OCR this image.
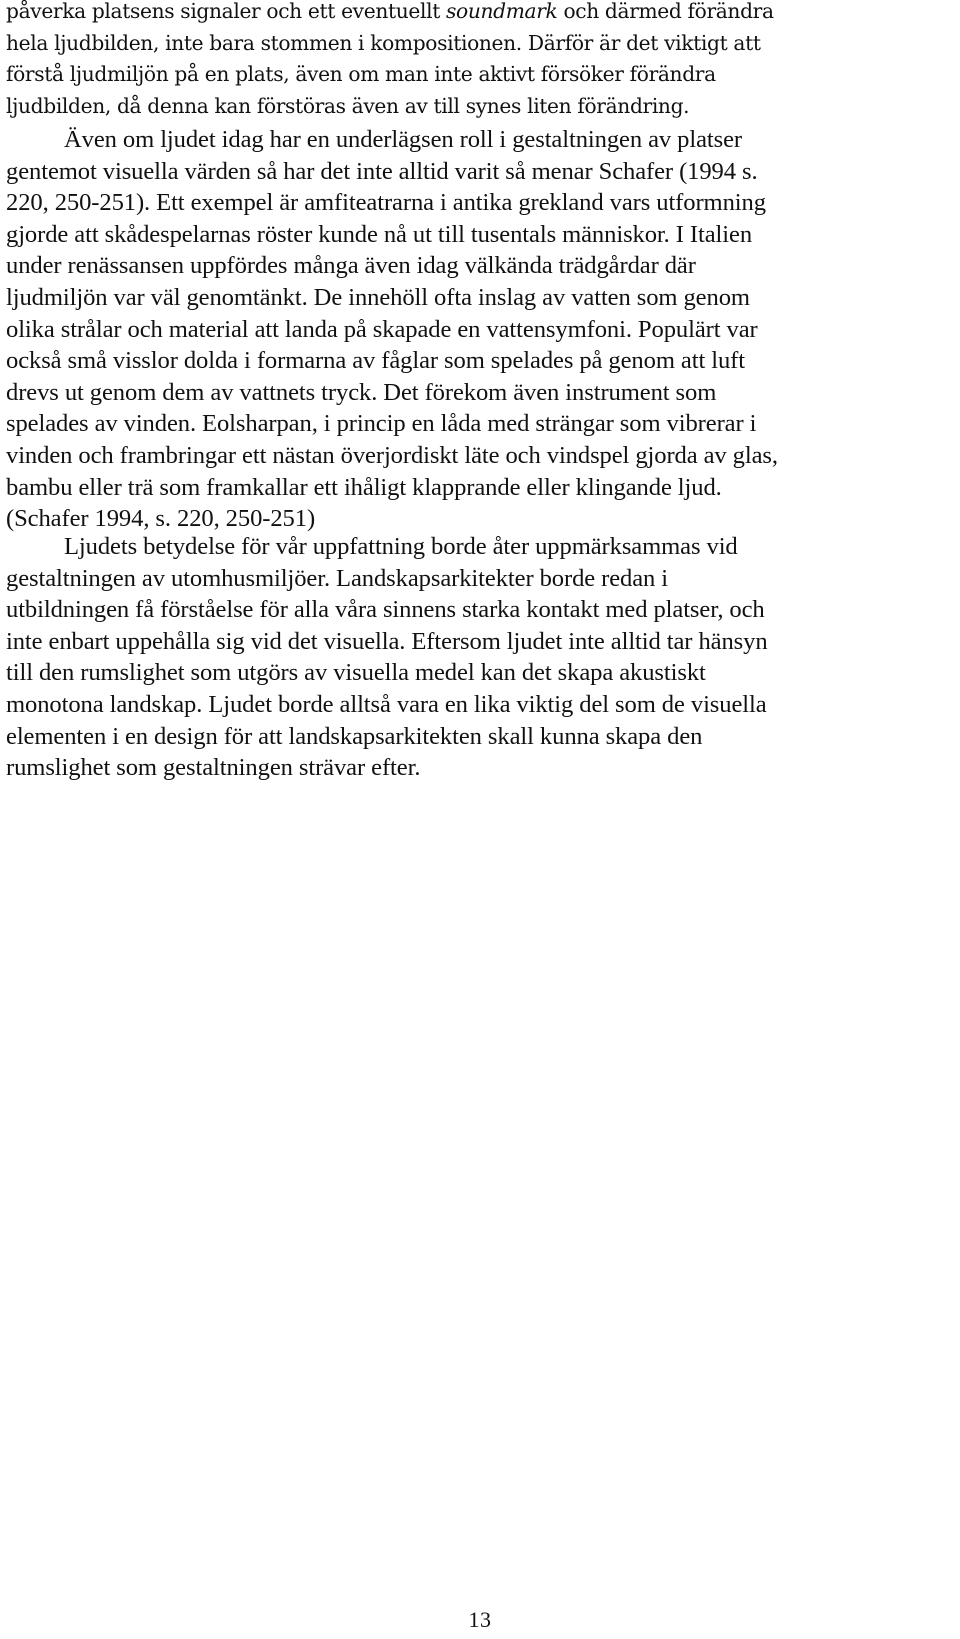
påverka platsens signaler och ett eventuellt soundmark och därmed förändra
hela ljudbilden, inte bara stommen i kompositionen. Därför är det viktigt att
förstå ljudmiljön på en plats, även om man inte aktivt försöker förändra
ljudbilden, då denna kan förstöras även av till synes liten förändring.
Även om ljudet idag har en underlägsen roll i gestaltningen av platser
gentemot visuella värden så har det inte alltid varit så menar Schafer (1994 s.
220, 250-251). Ett exempel är amfiteatrarna i antika grekland vars utformning
gjorde att skådespelarnas röster kunde nå ut till tusentals människor. I Italien
under renässansen uppfördes många även idag välkända trädgårdar där
ljudmiljön var väl genomtänkt. De innehöll ofta inslag av vatten som genom
olika strålar och material att landa på skapade en vattensymfoni. Populärt var
också små visslor dolda i formarna av fåglar som spelades på genom att luft
drevs ut genom dem av vattnets tryck. Det förekom även instrument som
spelades av vinden. Eolsharpan, i princip en låda med strängar som vibrerar i
vinden och frambringar ett nästan överjordiskt läte och vindspel gjorda av glas,
bambu eller trä som framkallar ett ihåligt klapprande eller klingande ljud.
(Schafer 1994, s. 220, 250-251)
Ljudets betydelse för vår uppfattning borde åter uppmärksammas vid
gestaltningen av utomhusmiljöer. Landskapsarkitekter borde redan i
utbildningen få förståelse för alla våra sinnens starka kontakt med platser, och
inte enbart uppehålla sig vid det visuella. Eftersom ljudet inte alltid tar hänsyn
till den rumslighet som utgörs av visuella medel kan det skapa akustiskt
monotona landskap. Ljudet borde alltså vara en lika viktig del som de visuella
elementen i en design för att landskapsarkitekten skall kunna skapa den
rumslighet som gestaltningen strävar efter.
13
